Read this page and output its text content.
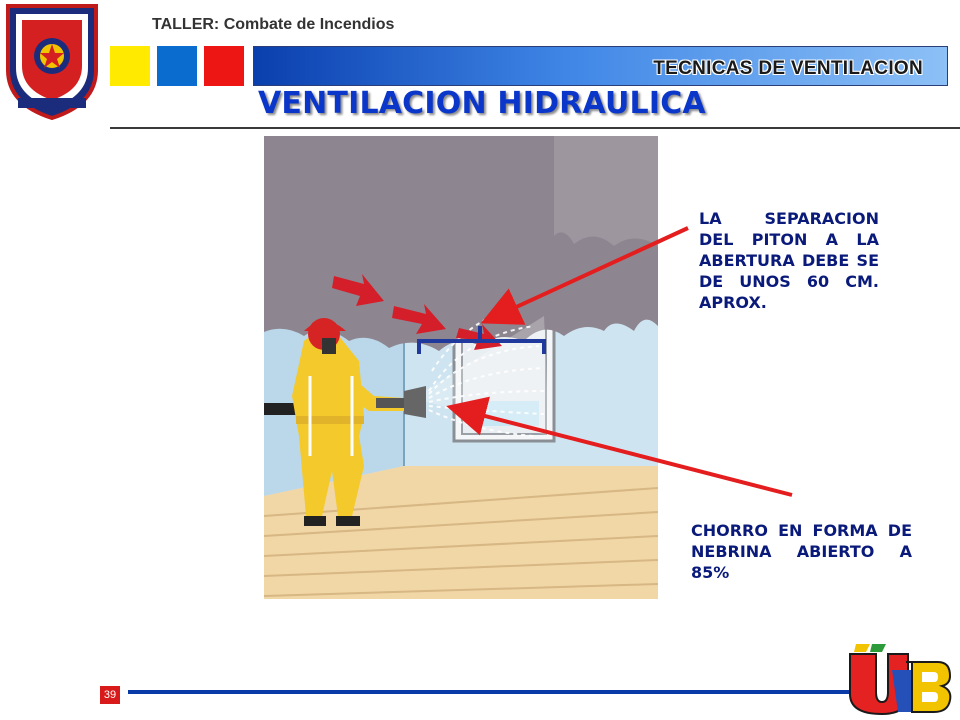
TALLER: Combate de Incendios
TECNICAS DE VENTILACION
VENTILACION HIDRAULICA
LA SEPARACION DEL PITON A LA ABERTURA DEBE SE DE UNOS 60 CM. APROX.
CHORRO EN FORMA DE NEBRINA ABIERTO A 85%
39
